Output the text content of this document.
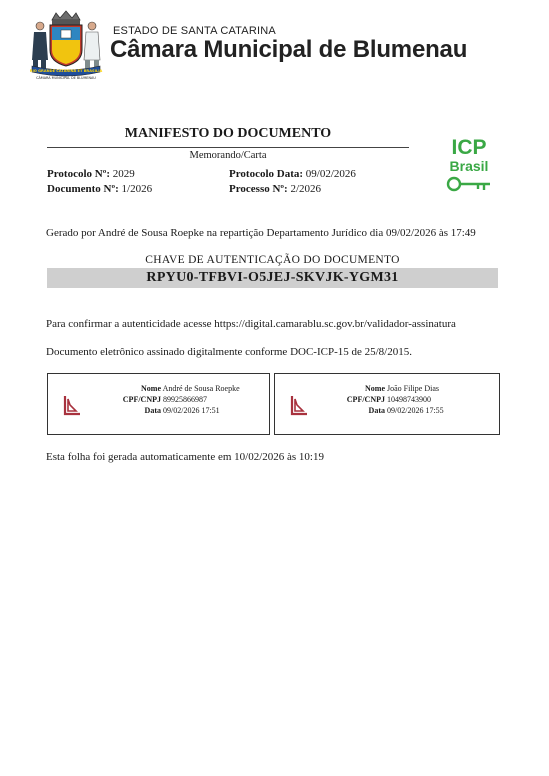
RIO GRANDE CATARINA ET BRASILIA
CÂMARA MUNICIPAL DE BLUMENAU
ESTADO DE SANTA CATARINA
Câmara Municipal de Blumenau
MANIFESTO DO DOCUMENTO
Memorando/Carta
Protocolo Nº: 2029	Protocolo Data: 09/02/2026
Documento Nº: 1/2026	Processo Nº: 2/2026
ICP
Brasil
Gerado por André de Sousa Roepke na repartição Departamento Jurídico dia 09/02/2026 às 17:49
CHAVE DE AUTENTICAÇÃO DO DOCUMENTO
RPYU0-TFBVI-O5JEJ-SKVJK-YGM31
Para confirmar a autenticidade acesse https://digital.camarablu.sc.gov.br/validador-assinatura
Documento eletrônico assinado digitalmente conforme DOC-ICP-15 de 25/8/2015.
Nome André de Sousa Roepke
CPF/CNPJ 89925866987
Data 09/02/2026 17:51
Nome João Filipe Dias
CPF/CNPJ 10498743900
Data 09/02/2026 17:55
Esta folha foi gerada automaticamente em 10/02/2026 às 10:19
